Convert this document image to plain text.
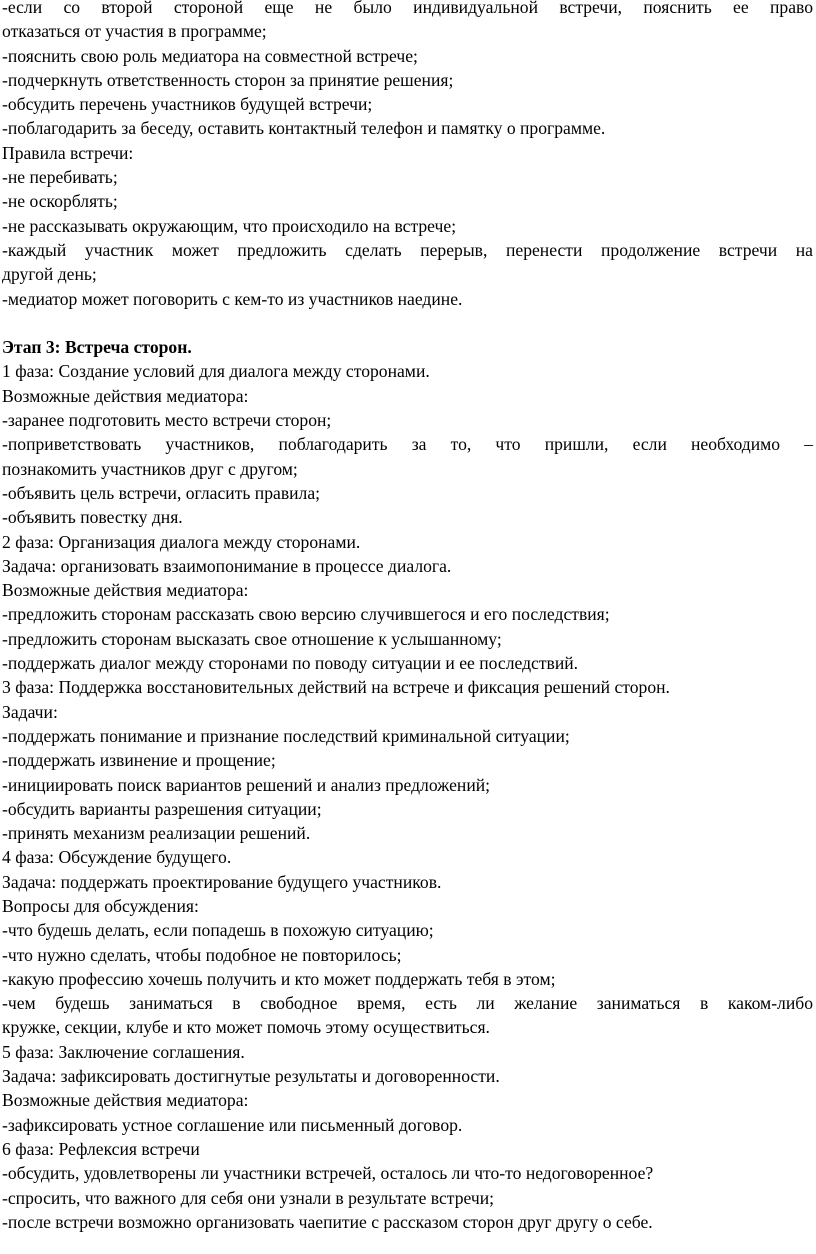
-если со второй стороной еще не было индивидуальной встречи, пояснить ее право
отказаться от участия в программе;
-пояснить свою роль медиатора на совместной встрече;
-подчеркнуть ответственность сторон за принятие решения;
-обсудить перечень участников будущей встречи;
-поблагодарить за беседу, оставить контактный телефон и памятку о программе.
Правила встречи:
-не перебивать;
-не оскорблять;
-не рассказывать окружающим, что происходило на встрече;
-каждый участник может предложить сделать перерыв, перенести продолжение встречи на
другой день;
-медиатор может поговорить с кем-то из участников наедине.
Этап 3: Встреча сторон.
1 фаза: Создание условий для диалога между сторонами.
Возможные действия медиатора:
-заранее подготовить место встречи сторон;
-поприветствовать участников, поблагодарить за то, что пришли, если необходимо –
познакомить участников друг с другом;
-объявить цель встречи, огласить правила;
-объявить повестку дня.
2 фаза: Организация диалога между сторонами.
Задача: организовать взаимопонимание в процессе диалога.
Возможные действия медиатора:
-предложить сторонам рассказать свою версию случившегося и его последствия;
-предложить сторонам высказать свое отношение к услышанному;
-поддержать диалог между сторонами по поводу ситуации и ее последствий.
3 фаза: Поддержка восстановительных действий на встрече и фиксация решений сторон.
Задачи:
-поддержать понимание и признание последствий криминальной ситуации;
-поддержать извинение и прощение;
-инициировать поиск вариантов решений и анализ предложений;
-обсудить варианты разрешения ситуации;
-принять механизм реализации решений.
4 фаза: Обсуждение будущего.
Задача: поддержать проектирование будущего участников.
Вопросы для обсуждения:
-что будешь делать, если попадешь в похожую ситуацию;
-что нужно сделать, чтобы подобное не повторилось;
-какую профессию хочешь получить и кто может поддержать тебя в этом;
-чем будешь заниматься в свободное время, есть ли желание заниматься в каком-либо
кружке, секции, клубе и кто может помочь этому осуществиться.
5 фаза: Заключение соглашения.
Задача: зафиксировать достигнутые результаты и договоренности.
Возможные действия медиатора:
-зафиксировать устное соглашение или письменный договор.
6 фаза: Рефлексия встречи
-обсудить, удовлетворены ли участники встречей, осталось ли что-то недоговоренное?
-спросить, что важного для себя они узнали в результате встречи;
-после встречи возможно организовать чаепитие с рассказом сторон друг другу о себе.
